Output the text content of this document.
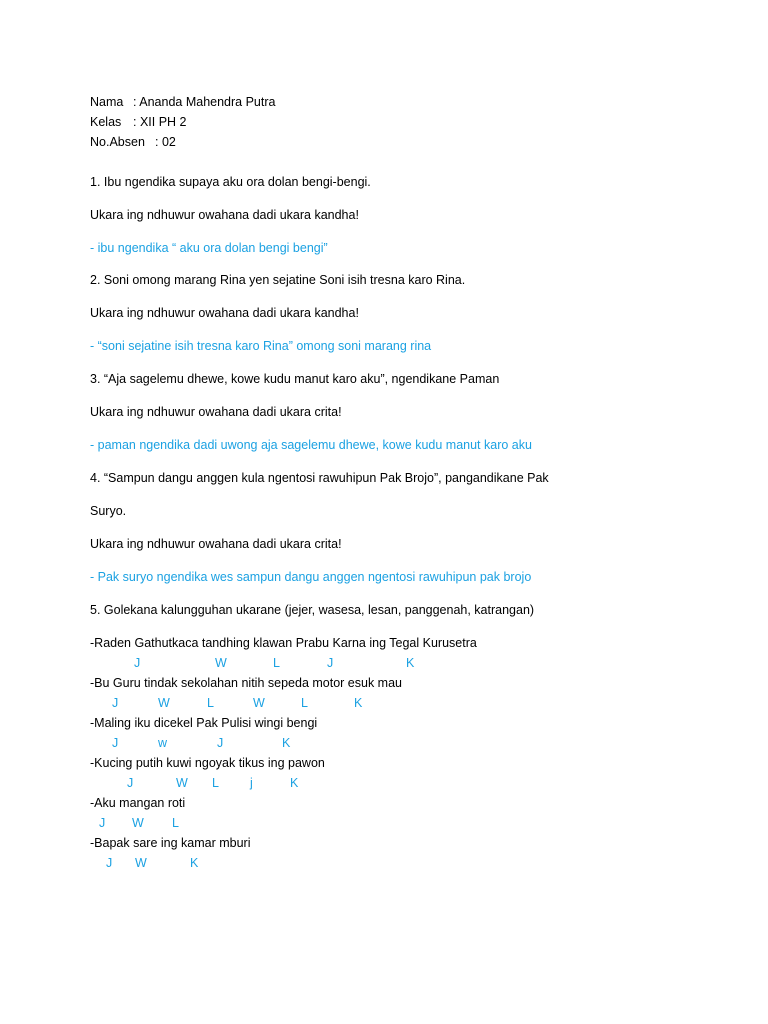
Nama : Ananda Mahendra Putra
Kelas : XII PH 2
No.Absen : 02
1. Ibu ngendika supaya aku ora dolan bengi-bengi.
Ukara ing ndhuwur owahana dadi ukara kandha!
- ibu ngendika “ aku ora dolan bengi bengi”
2. Soni omong marang Rina yen sejatine Soni isih tresna karo Rina.
Ukara ing ndhuwur owahana dadi ukara kandha!
- “soni sejatine isih tresna karo Rina” omong soni marang rina
3. “Aja sagelemu dhewe, kowe kudu manut karo aku”, ngendikane Paman
Ukara ing ndhuwur owahana dadi ukara crita!
- paman ngendika dadi uwong aja sagelemu dhewe, kowe kudu manut karo aku
4. “Sampun dangu anggen kula ngentosi rawuhipun Pak Brojo”, pangandikane Pak
Suryo.
Ukara ing ndhuwur owahana dadi ukara crita!
- Pak suryo ngendika wes sampun dangu anggen ngentosi rawuhipun pak brojo
5. Golekana kalungguhan ukarane (jejer, wasesa, lesan, panggenah, katrangan)
-Raden Gathutkaca tandhing klawan Prabu Karna ing Tegal Kurusetra
J	W	L	J	K
-Bu Guru tindak sekolahan nitih sepeda motor esuk mau
J	W	L	W	L	K
-Maling iku dicekel Pak Pulisi wingi bengi
J	w	J	K
-Kucing putih kuwi ngoyak tikus ing pawon
J	W L j	K
-Aku mangan roti
J W L
-Bapak sare ing kamar mburi
J W	K
